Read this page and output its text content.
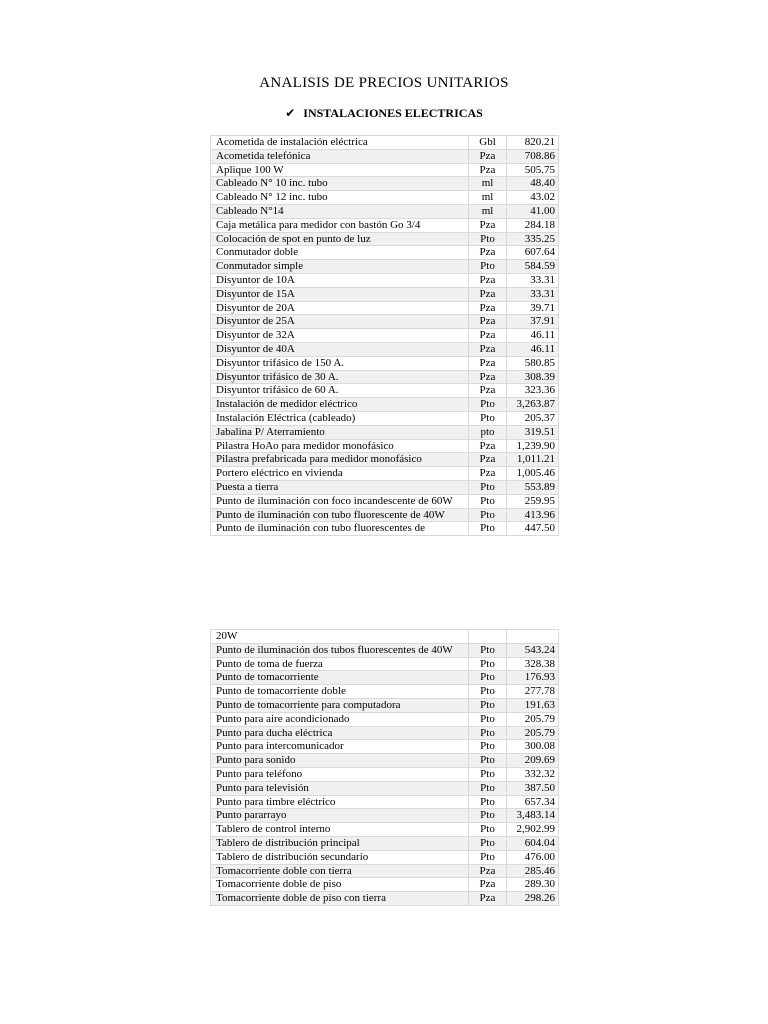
ANALISIS DE PRECIOS UNITARIOS
✔ INSTALACIONES ELECTRICAS
Acometida de instalación eléctrica	Gbl	820.21
Acometida telefónica	Pza	708.86
Aplique 100 W	Pza	505.75
Cableado N° 10 inc. tubo	ml	48.40
Cableado N° 12 inc. tubo	ml	43.02
Cableado N°14	ml	41.00
Caja metálica para medidor con bastón Go 3/4	Pza	284.18
Colocación de spot en punto de luz	Pto	335.25
Conmutador doble	Pza	607.64
Conmutador simple	Pto	584.59
Disyuntor de 10A	Pza	33.31
Disyuntor de 15A	Pza	33.31
Disyuntor de 20A	Pza	39.71
Disyuntor de 25A	Pza	37.91
Disyuntor de 32A	Pza	46.11
Disyuntor de 40A	Pza	46.11
Disyuntor trifásico de 150 A.	Pza	580.85
Disyuntor trifásico de 30 A.	Pza	308.39
Disyuntor trifásico de 60 A.	Pza	323.36
Instalación de medidor eléctrico	Pto	3,263.87
Instalación Eléctrica (cableado)	Pto	205.37
Jabalina P/ Aterramiento	pto	319.51
Pilastra HoAo para medidor monofásico	Pza	1,239.90
Pilastra prefabricada para medidor monofásico	Pza	1,011.21
Portero eléctrico en vivienda	Pza	1,005.46
Puesta a tierra	Pto	553.89
Punto de iluminación con foco incandescente de 60W	Pto	259.95
Punto de iluminación con tubo fluorescente de 40W	Pto	413.96
Punto de iluminación con tubo fluorescentes de	Pto	447.50
20W		
Punto de iluminación dos tubos fluorescentes de 40W	Pto	543.24
Punto de toma de fuerza	Pto	328.38
Punto de tomacorriente	Pto	176.93
Punto de tomacorriente doble	Pto	277.78
Punto de tomacorriente para computadora	Pto	191.63
Punto para aire acondicionado	Pto	205.79
Punto para ducha eléctrica	Pto	205.79
Punto para intercomunicador	Pto	300.08
Punto para sonido	Pto	209.69
Punto para teléfono	Pto	332.32
Punto para televisión	Pto	387.50
Punto para timbre eléctrico	Pto	657.34
Punto pararrayo	Pto	3,483.14
Tablero de control interno	Pto	2,902.99
Tablero de distribución principal	Pto	604.04
Tablero de distribución secundario	Pto	476.00
Tomacorriente doble con tierra	Pza	285.46
Tomacorriente doble de piso	Pza	289.30
Tomacorriente doble de piso con tierra	Pza	298.26
